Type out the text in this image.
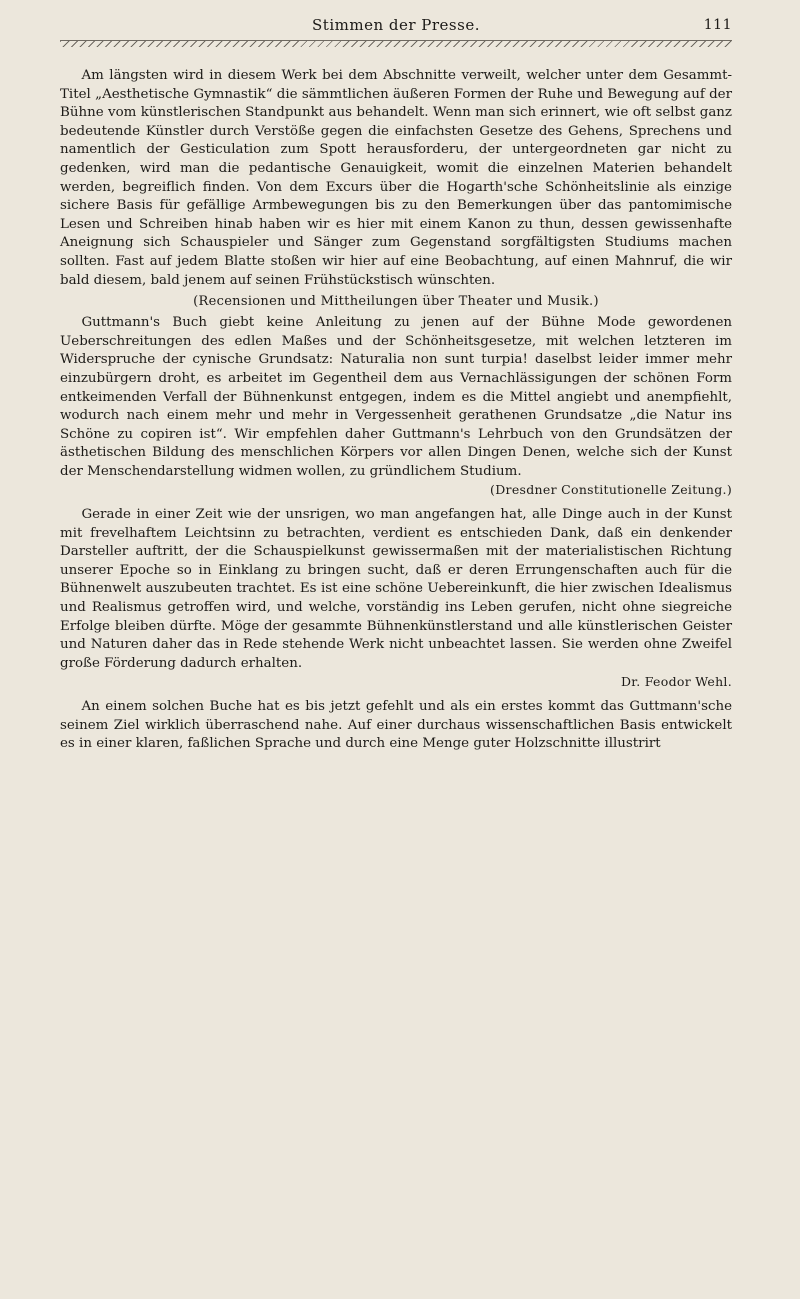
Stimmen der Presse.	111

Am längsten wird in diesem Werk bei dem Abschnitte verweilt, welcher unter dem Gesammt-Titel „Aesthetische Gymnastik“ die sämmtlichen äußeren Formen der Ruhe und Bewegung auf der Bühne vom künstlerischen Standpunkt aus behandelt. Wenn man sich erinnert, wie oft selbst ganz bedeutende Künstler durch Verstöße gegen die einfachsten Gesetze des Gehens, Sprechens und namentlich der Gesticulation zum Spott herausforderu, der untergeordneten gar nicht zu gedenken, wird man die pedantische Genauigkeit, womit die einzelnen Materien behandelt werden, begreiflich finden. Von dem Excurs über die Hogarth'sche Schönheitslinie als einzige sichere Basis für gefällige Armbewegungen bis zu den Bemerkungen über das pantomimische Lesen und Schreiben hinab haben wir es hier mit einem Kanon zu thun, dessen gewissenhafte Aneignung sich Schauspieler und Sänger zum Gegenstand sorgfältigsten Studiums machen sollten. Fast auf jedem Blatte stoßen wir hier auf eine Beobachtung, auf einen Mahnruf, die wir bald diesem, bald jenem auf seinen Frühstückstisch wünschten.

(Recensionen und Mittheilungen über Theater und Musik.)

Guttmann's Buch giebt keine Anleitung zu jenen auf der Bühne Mode gewordenen Ueberschreitungen des edlen Maßes und der Schönheitsgesetze, mit welchen letzteren im Widerspruche der cynische Grundsatz: Naturalia non sunt turpia! daselbst leider immer mehr einzubürgern droht, es arbeitet im Gegentheil dem aus Vernachlässigungen der schönen Form entkeimenden Verfall der Bühnenkunst entgegen, indem es die Mittel angiebt und anempfiehlt, wodurch nach einem mehr und mehr in Vergessenheit gerathenen Grundsatze „die Natur ins Schöne zu copiren ist“. Wir empfehlen daher Guttmann's Lehrbuch von den Grundsätzen der ästhetischen Bildung des menschlichen Körpers vor allen Dingen Denen, welche sich der Kunst der Menschendarstellung widmen wollen, zu gründlichem Studium.

(Dresdner Constitutionelle Zeitung.)

Gerade in einer Zeit wie der unsrigen, wo man angefangen hat, alle Dinge auch in der Kunst mit frevelhaftem Leichtsinn zu betrachten, verdient es entschieden Dank, daß ein denkender Darsteller auftritt, der die Schauspielkunst gewissermaßen mit der materialistischen Richtung unserer Epoche so in Einklang zu bringen sucht, daß er deren Errungenschaften auch für die Bühnenwelt auszubeuten trachtet. Es ist eine schöne Uebereinkunft, die hier zwischen Idealismus und Realismus getroffen wird, und welche, vorständig ins Leben gerufen, nicht ohne siegreiche Erfolge bleiben dürfte. Möge der gesammte Bühnenkünstlerstand und alle künstlerischen Geister und Naturen daher das in Rede stehende Werk nicht unbeachtet lassen. Sie werden ohne Zweifel große Förderung dadurch erhalten.

Dr. Feodor Wehl.

An einem solchen Buche hat es bis jetzt gefehlt und als ein erstes kommt das Guttmann'sche seinem Ziel wirklich überraschend nahe. Auf einer durchaus wissenschaftlichen Basis entwickelt es in einer klaren, faßlichen Sprache und durch eine Menge guter Holzschnitte illustrirt
